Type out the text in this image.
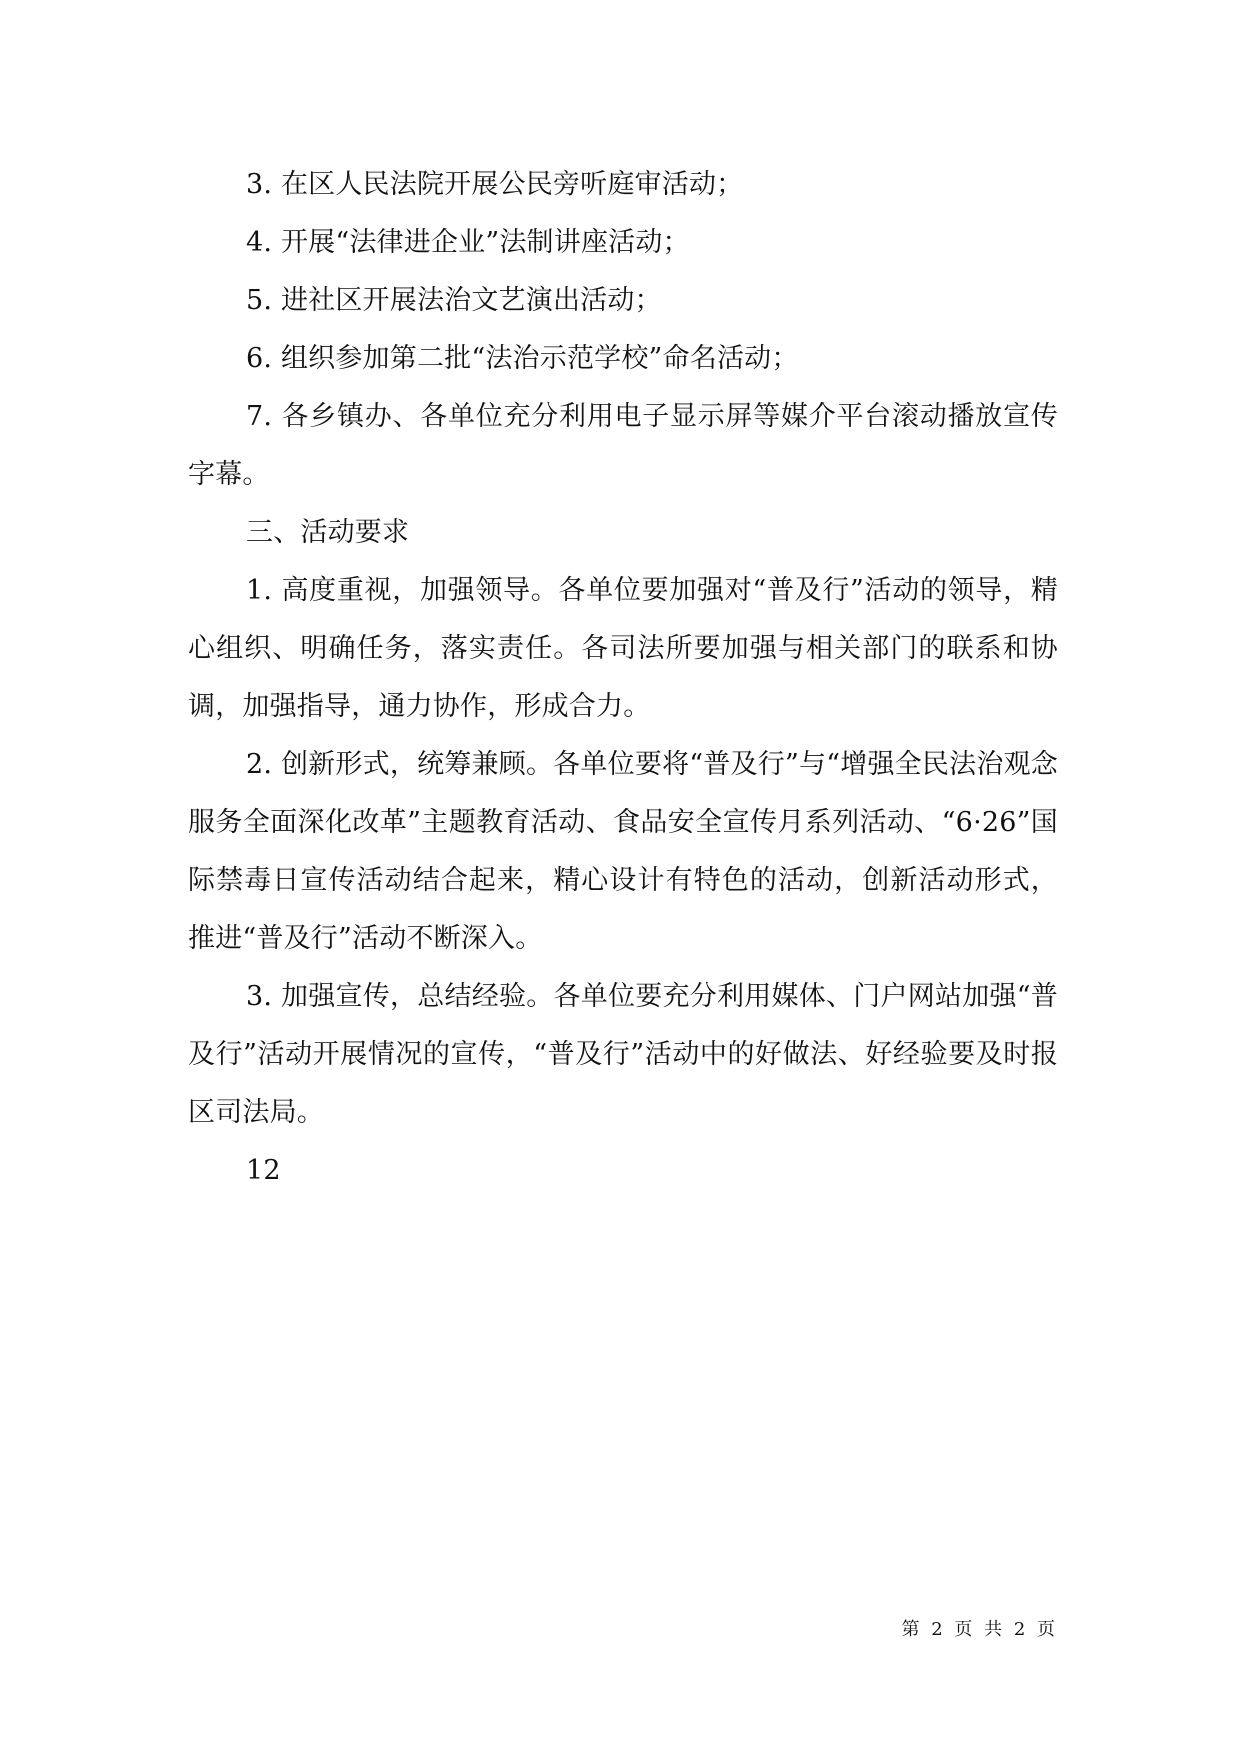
3. 在区人民法院开展公民旁听庭审活动；

4. 开展“法律进企业”法制讲座活动；

5. 进社区开展法治文艺演出活动；

6. 组织参加第二批“法治示范学校”命名活动；

7. 各乡镇办、各单位充分利用电子显示屏等媒介平台滚动播放宣传字幕。

三、活动要求

1. 高度重视，加强领导。各单位要加强对“普及行”活动的领导，精心组织、明确任务，落实责任。各司法所要加强与相关部门的联系和协调，加强指导，通力协作，形成合力。

2. 创新形式，统筹兼顾。各单位要将“普及行”与“增强全民法治观念服务全面深化改革”主题教育活动、食品安全宣传月系列活动、“6·26”国际禁毒日宣传活动结合起来，精心设计有特色的活动，创新活动形式，推进“普及行”活动不断深入。

3. 加强宣传，总结经验。各单位要充分利用媒体、门户网站加强“普及行”活动开展情况的宣传，“普及行”活动中的好做法、好经验要及时报区司法局。

12

第 2 页 共 2 页
